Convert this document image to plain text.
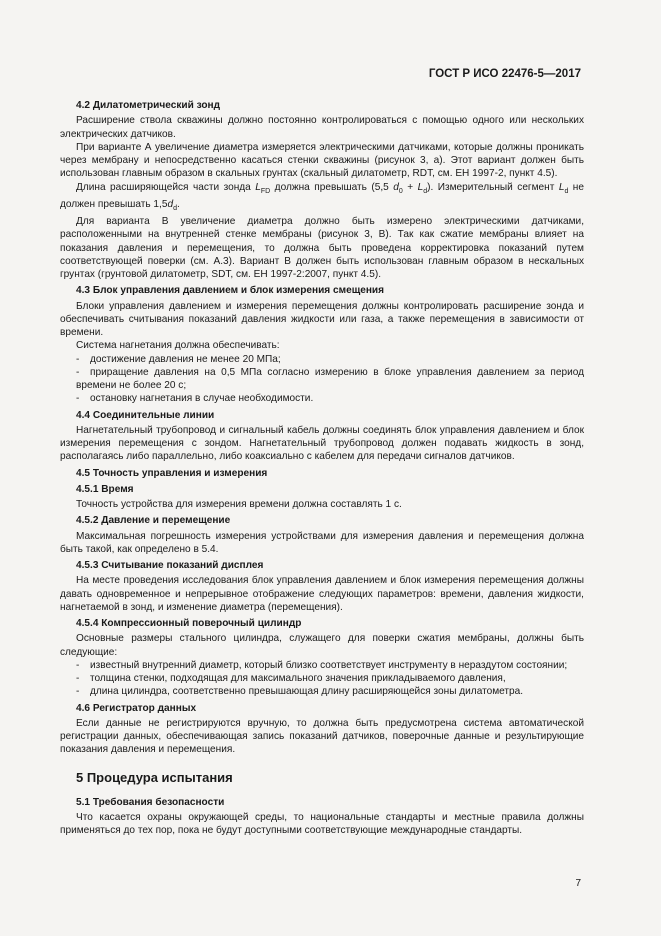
ГОСТ Р ИСО 22476-5—2017

4.2 Дилатометрический зонд

Расширение ствола скважины должно постоянно контролироваться с помощью одного или нескольких электрических датчиков.

При варианте А увеличение диаметра измеряется электрическими датчиками, которые должны проникать через мембрану и непосредственно касаться стенки скважины (рисунок 3, а). Этот вариант должен быть использован главным образом в скальных грунтах (скальный дилатометр, RDT, см. ЕН 1997-2, пункт 4.5).

Длина расширяющейся части зонда $L_{FD}$ должна превышать (5,5 $d_0 + L_d$). Измерительный сегмент $L_d$ не должен превышать $1,5d_d$.

Для варианта В увеличение диаметра должно быть измерено электрическими датчиками, расположенными на внутренней стенке мембраны (рисунок 3, В). Так как сжатие мембраны влияет на показания давления и перемещения, то должна быть проведена корректировка показаний путем соответствующей поверки (см. А.3). Вариант В должен быть использован главным образом в нескальных грунтах (грунтовой дилатометр, SDT, см. ЕН 1997-2:2007, пункт 4.5).

4.3 Блок управления давлением и блок измерения смещения

Блоки управления давлением и измерения перемещения должны контролировать расширение зонда и обеспечивать считывания показаний давления жидкости или газа, а также перемещения в зависимости от времени.

Система нагнетания должна обеспечивать:

- достижение давления не менее 20 МПа;

- приращение давления на 0,5 МПа согласно измерению в блоке управления давлением за период времени не более 20 с;

- остановку нагнетания в случае необходимости.

4.4 Соединительные линии

Нагнетательный трубопровод и сигнальный кабель должны соединять блок управления давлением и блок измерения перемещения с зондом. Нагнетательный трубопровод должен подавать жидкость в зонд, располагаясь либо параллельно, либо коаксиально с кабелем для передачи сигналов датчиков.

4.5 Точность управления и измерения

4.5.1 Время

Точность устройства для измерения времени должна составлять 1 с.

4.5.2 Давление и перемещение

Максимальная погрешность измерения устройствами для измерения давления и перемещения должна быть такой, как определено в 5.4.

4.5.3 Считывание показаний дисплея

На месте проведения исследования блок управления давлением и блок измерения перемещения должны давать одновременное и непрерывное отображение следующих параметров: времени, давления жидкости, нагнетаемой в зонд, и изменение диаметра (перемещения).

4.5.4 Компрессионный поверочный цилиндр

Основные размеры стального цилиндра, служащего для поверки сжатия мембраны, должны быть следующие:

- известный внутренний диаметр, который близко соответствует инструменту в нераздутом состоянии;

- толщина стенки, подходящая для максимального значения прикладываемого давления,

- длина цилиндра, соответственно превышающая длину расширяющейся зоны дилатометра.

4.6 Регистратор данных

Если данные не регистрируются вручную, то должна быть предусмотрена система автоматической регистрации данных, обеспечивающая запись показаний датчиков, поверочные данные и результирующие показания давления и перемещения.

5 Процедура испытания

5.1 Требования безопасности

Что касается охраны окружающей среды, то национальные стандарты и местные правила должны применяться до тех пор, пока не будут доступными соответствующие международные стандарты.

7
